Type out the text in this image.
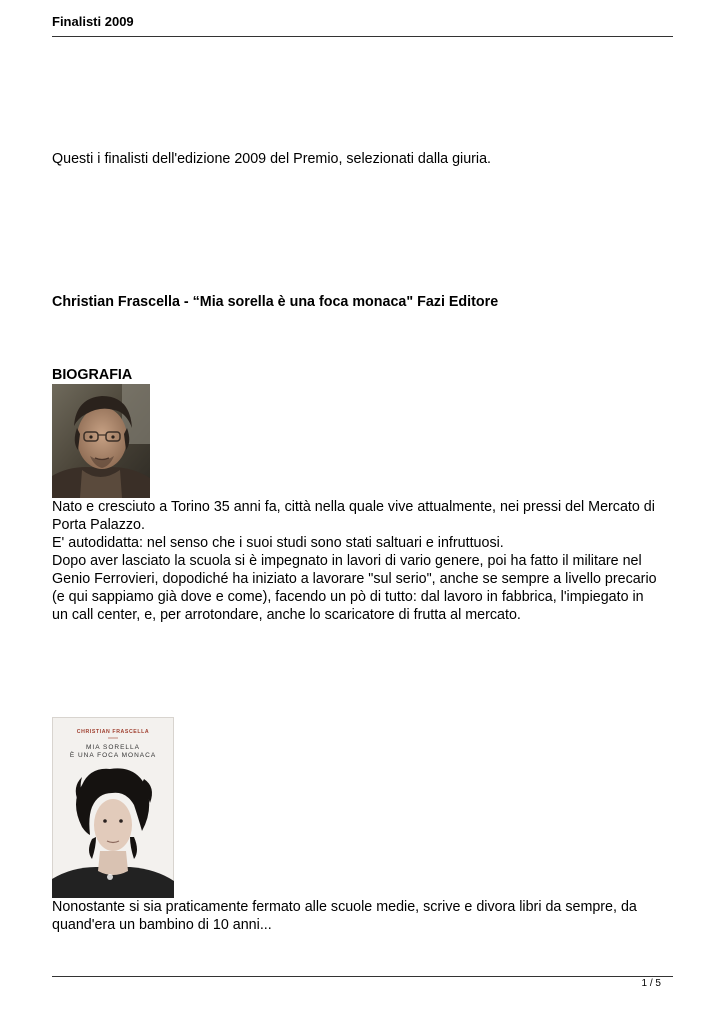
Finalisti 2009
Questi i finalisti dell'edizione 2009 del Premio, selezionati dalla giuria.
Christian Frascella - “Mia sorella è una foca monaca" Fazi Editore
BIOGRAFIA
Nato e cresciuto a Torino 35 anni fa, città nella quale vive attualmente, nei pressi del Mercato di
Porta Palazzo.
E' autodidatta: nel senso che i suoi studi sono stati saltuari e infruttuosi.
Dopo aver lasciato la scuola si è impegnato in lavori di vario genere, poi ha fatto il militare nel
Genio Ferrovieri, dopodiché ha iniziato a lavorare "sul serio", anche se sempre a livello precario
(e qui sappiamo già dove e come), facendo un pò di tutto: dal lavoro in fabbrica, l'impiegato in
un call center, e, per arrotondare, anche lo scaricatore di frutta al mercato.
CHRISTIAN FRASCELLA
MIA SORELLA
È UNA FOCA MONACA
Nonostante si sia praticamente fermato alle scuole medie, scrive e divora libri da sempre, da
quand'era un bambino di 10 anni...
1 / 5
